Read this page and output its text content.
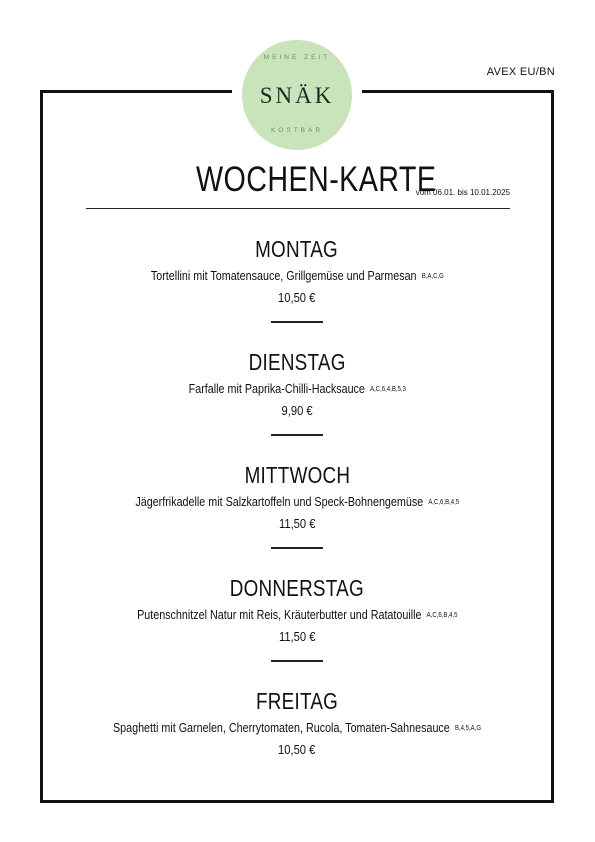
MEINE ZEIT
SNÄK
KOSTBAR
AVEX EU/BN
WOCHEN-KARTE
vom 06.01. bis 10.01.2025
MONTAG
Tortellini mit Tomatensauce, Grillgemüse und Parmesan B,A,C,G
10,50 €
DIENSTAG
Farfalle mit Paprika-Chilli-Hacksauce A,C,6,4,B,5,3
9,90 €
MITTWOCH
Jägerfrikadelle mit Salzkartoffeln und Speck-Bohnengemüse A,C,6,B,4,5
11,50 €
DONNERSTAG
Putenschnitzel Natur mit Reis, Kräuterbutter und Ratatouille A,C,6,B,4,5
11,50 €
FREITAG
Spaghetti mit Garnelen, Cherrytomaten, Rucola, Tomaten-Sahnesauce B,4,5,A,G
10,50 €
